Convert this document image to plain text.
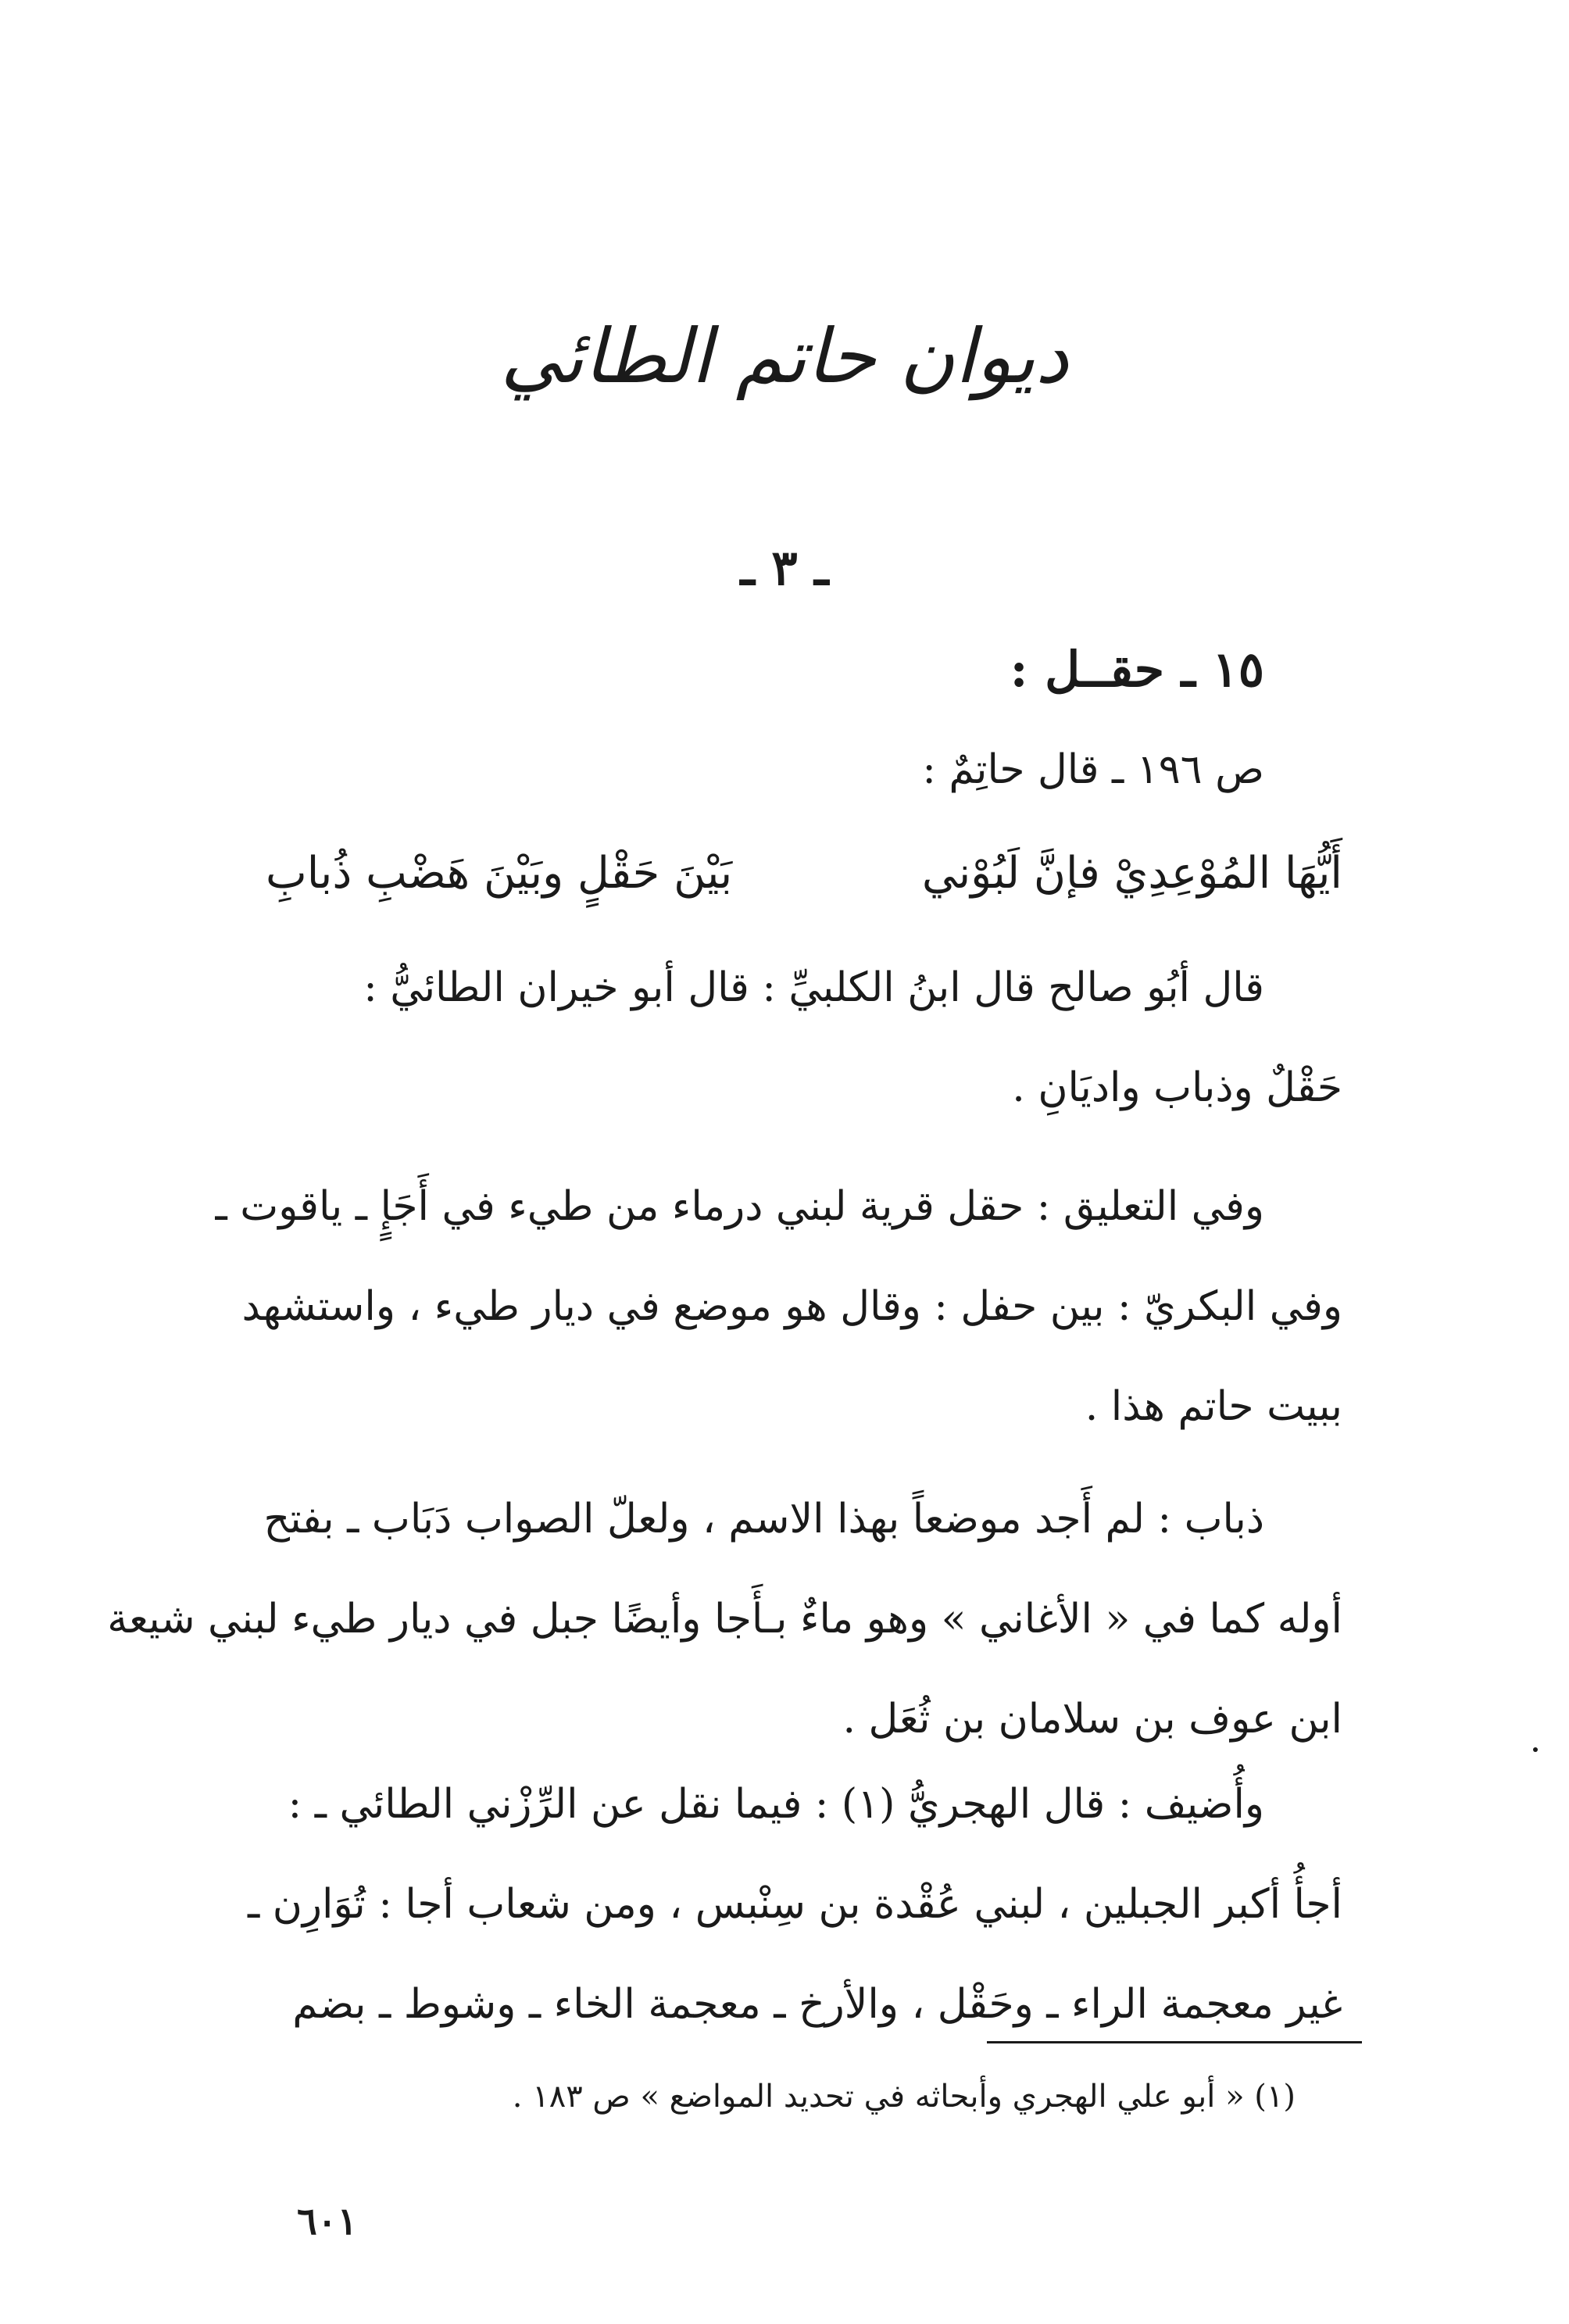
ديوان حاتم الطائي
ـ ٣ ـ
١٥ ـ حقــل :
ص ١٩٦ ـ قال حاتِمٌ :
أَيُّهَا المُوْعِدِيْ فإنَّ لَبُوْني
بَيْنَ حَقْلٍ وبَيْنَ هَضْبِ ذُبابِ
قال أبُو صالح قال ابنُ الكلبيِّ : قال أبو خيران الطائيُّ :
حَقْلٌ وذباب واديَانِ .
وفي التعليق : حقل قرية لبني درماء من طيء في أَجَإٍ ـ ياقوت ـ
وفي البكريّ : بين حفل : وقال هو موضع في ديار طيء ، واستشهد
ببيت حاتم هذا .
ذباب : لم أَجد موضعاً بهذا الاسم ، ولعلّ الصواب دَبَاب ـ بفتح
أوله كما في « الأغاني » وهو ماءٌ بـأَجا وأيضًا جبل في ديار طيء لبني شيعة
ابن عوف بن سلامان بن ثُعَل .
وأُضيف : قال الهجريُّ (١) : فيما نقل عن الرِّزْني الطائي ـ :
أجأُ أكبر الجبلين ، لبني عُقْدة بن سِنْبس ، ومن شعاب أجا : تُوَارِن ـ
غير معجمة الراء ـ وحَقْل ، والأرخ ـ معجمة الخاء ـ وشوط ـ بضم
(١) « أبو علي الهجري وأبحاثه في تحديد المواضع » ص ١٨٣ .
٦٠١
